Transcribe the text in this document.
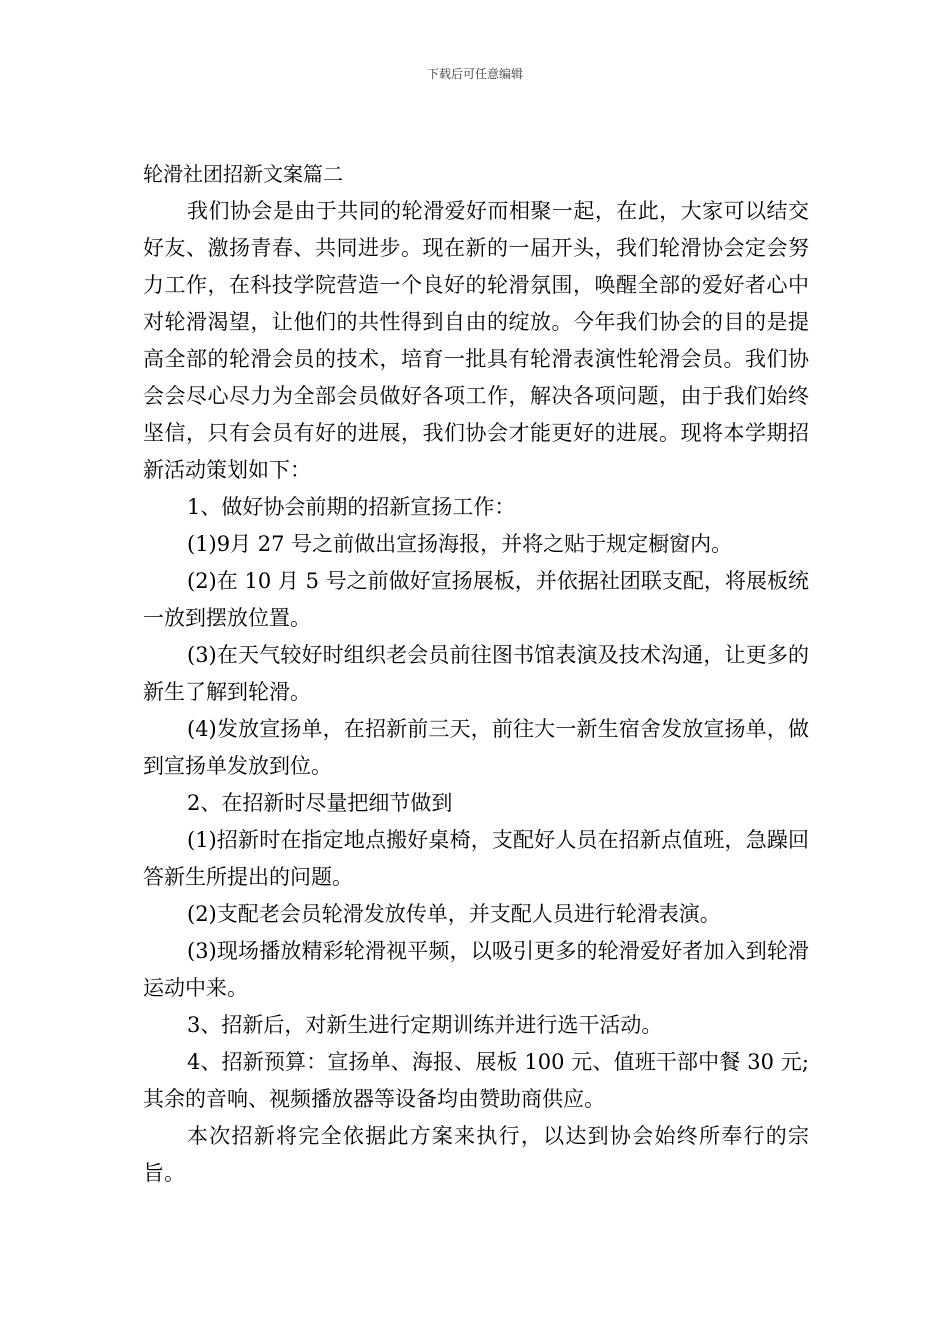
下载后可任意编辑
轮滑社团招新文案篇二

我们协会是由于共同的轮滑爱好而相聚一起，在此，大家可以结交好友、激扬青春、共同进步。现在新的一届开头，我们轮滑协会定会努力工作，在科技学院营造一个良好的轮滑氛围，唤醒全部的爱好者心中对轮滑渴望，让他们的共性得到自由的绽放。今年我们协会的目的是提高全部的轮滑会员的技术，培育一批具有轮滑表演性轮滑会员。我们协会会尽心尽力为全部会员做好各项工作，解决各项问题，由于我们始终坚信，只有会员有好的进展，我们协会才能更好的进展。现将本学期招新活动策划如下：

1、做好协会前期的招新宣扬工作：

(1)9月 27 号之前做出宣扬海报，并将之贴于规定橱窗内。

(2)在 10 月 5 号之前做好宣扬展板，并依据社团联支配，将展板统一放到摆放位置。

(3)在天气较好时组织老会员前往图书馆表演及技术沟通，让更多的新生了解到轮滑。

(4)发放宣扬单，在招新前三天，前往大一新生宿舍发放宣扬单，做到宣扬单发放到位。

2、在招新时尽量把细节做到

(1)招新时在指定地点搬好桌椅，支配好人员在招新点值班，急躁回答新生所提出的问题。

(2)支配老会员轮滑发放传单，并支配人员进行轮滑表演。

(3)现场播放精彩轮滑视平频，以吸引更多的轮滑爱好者加入到轮滑运动中来。

3、招新后，对新生进行定期训练并进行选干活动。

4、招新预算：宣扬单、海报、展板 100 元、值班干部中餐 30 元;其余的音响、视频播放器等设备均由赞助商供应。

本次招新将完全依据此方案来执行，以达到协会始终所奉行的宗旨。
